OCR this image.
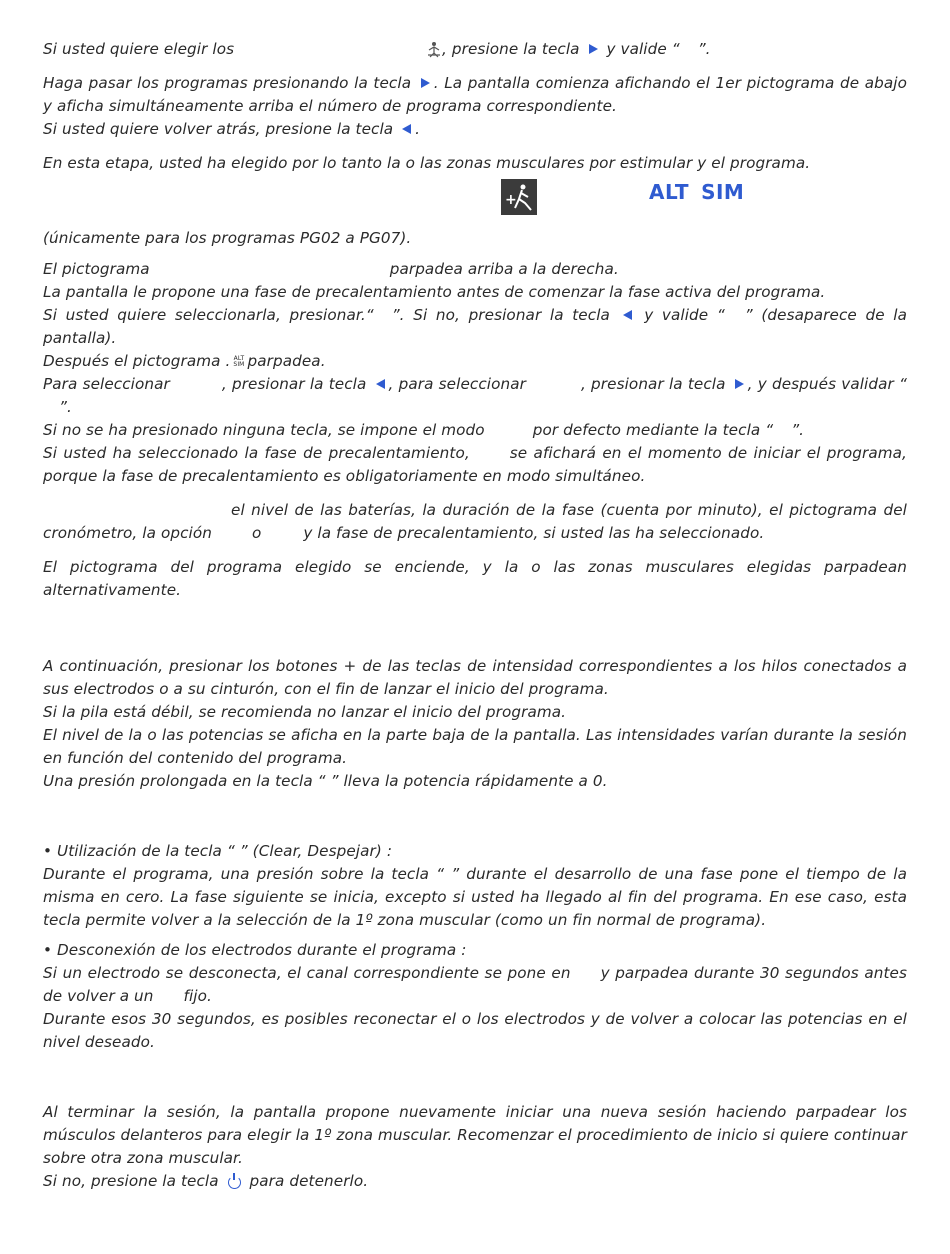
Si usted quiere elegir los	, presione la tecla y valide “ ”.

Haga pasar los programas presionando la tecla . La pantalla comienza afichando el 1er pictograma de abajo y aficha simultáneamente arriba el número de programa correspondiente.
Si usted quiere volver atrás, presione la tecla .

En esta etapa, usted ha elegido por lo tanto la o las zonas musculares por estimular y el programa.

+	ALT SIM

(únicamente para los programas PG02 a PG07).

El pictograma	parpadea arriba a la derecha.
La pantalla le propone una fase de precalentamiento antes de comenzar la fase activa del programa.
Si usted quiere seleccionarla, presionar.“ ”. Si no, presionar la tecla y valide “ ” (desaparece de la pantalla).
Después el pictograma . ALT
SIM parpadea.
Para seleccionar	, presionar la tecla , para seleccionar	, presionar la tecla , y después validar “”.
Si no se ha presionado ninguna tecla, se impone el modo	por defecto mediante la tecla “ ”.
Si usted ha seleccionado la fase de precalentamiento,	se afichará en el momento de iniciar el programa, porque la fase de precalentamiento es obligatoriamente en modo simultáneo.

el nivel de las baterías, la duración de la fase (cuenta por minuto), el pictograma del cronómetro, la opción	o	y la fase de precalentamiento, si usted las ha seleccionado.

El pictograma del programa elegido se enciende, y la o las zonas musculares elegidas parpadean alternativamente.

A continuación, presionar los botones + de las teclas de intensidad correspondientes a los hilos conectados a sus electrodos o a su cinturón, con el fin de lanzar el inicio del programa.
Si la pila está débil, se recomienda no lanzar el inicio del programa.
El nivel de la o las potencias se aficha en la parte baja de la pantalla. Las intensidades varían durante la sesión en función del contenido del programa.
Una presión prolongada en la tecla “ ” lleva la potencia rápidamente a 0.

• Utilización de la tecla “ ” (Clear, Despejar) :
Durante el programa, una presión sobre la tecla “ ” durante el desarrollo de una fase pone el tiempo de la misma en cero. La fase siguiente se inicia, excepto si usted ha llegado al fin del programa. En ese caso, esta tecla permite volver a la selección de la 1º zona muscular (como un fin normal de programa).

• Desconexión de los electrodos durante el programa :
Si un electrodo se desconecta, el canal correspondiente se pone en y parpadea durante 30 segundos antes de volver a un fijo.
Durante esos 30 segundos, es posibles reconectar el o los electrodos y de volver a colocar las potencias en el nivel deseado.

Al terminar la sesión, la pantalla propone nuevamente iniciar una nueva sesión haciendo parpadear los músculos delanteros para elegir la 1º zona muscular. Recomenzar el procedimiento de inicio si quiere continuar sobre otra zona muscular.
Si no, presione la tecla para detenerlo.
